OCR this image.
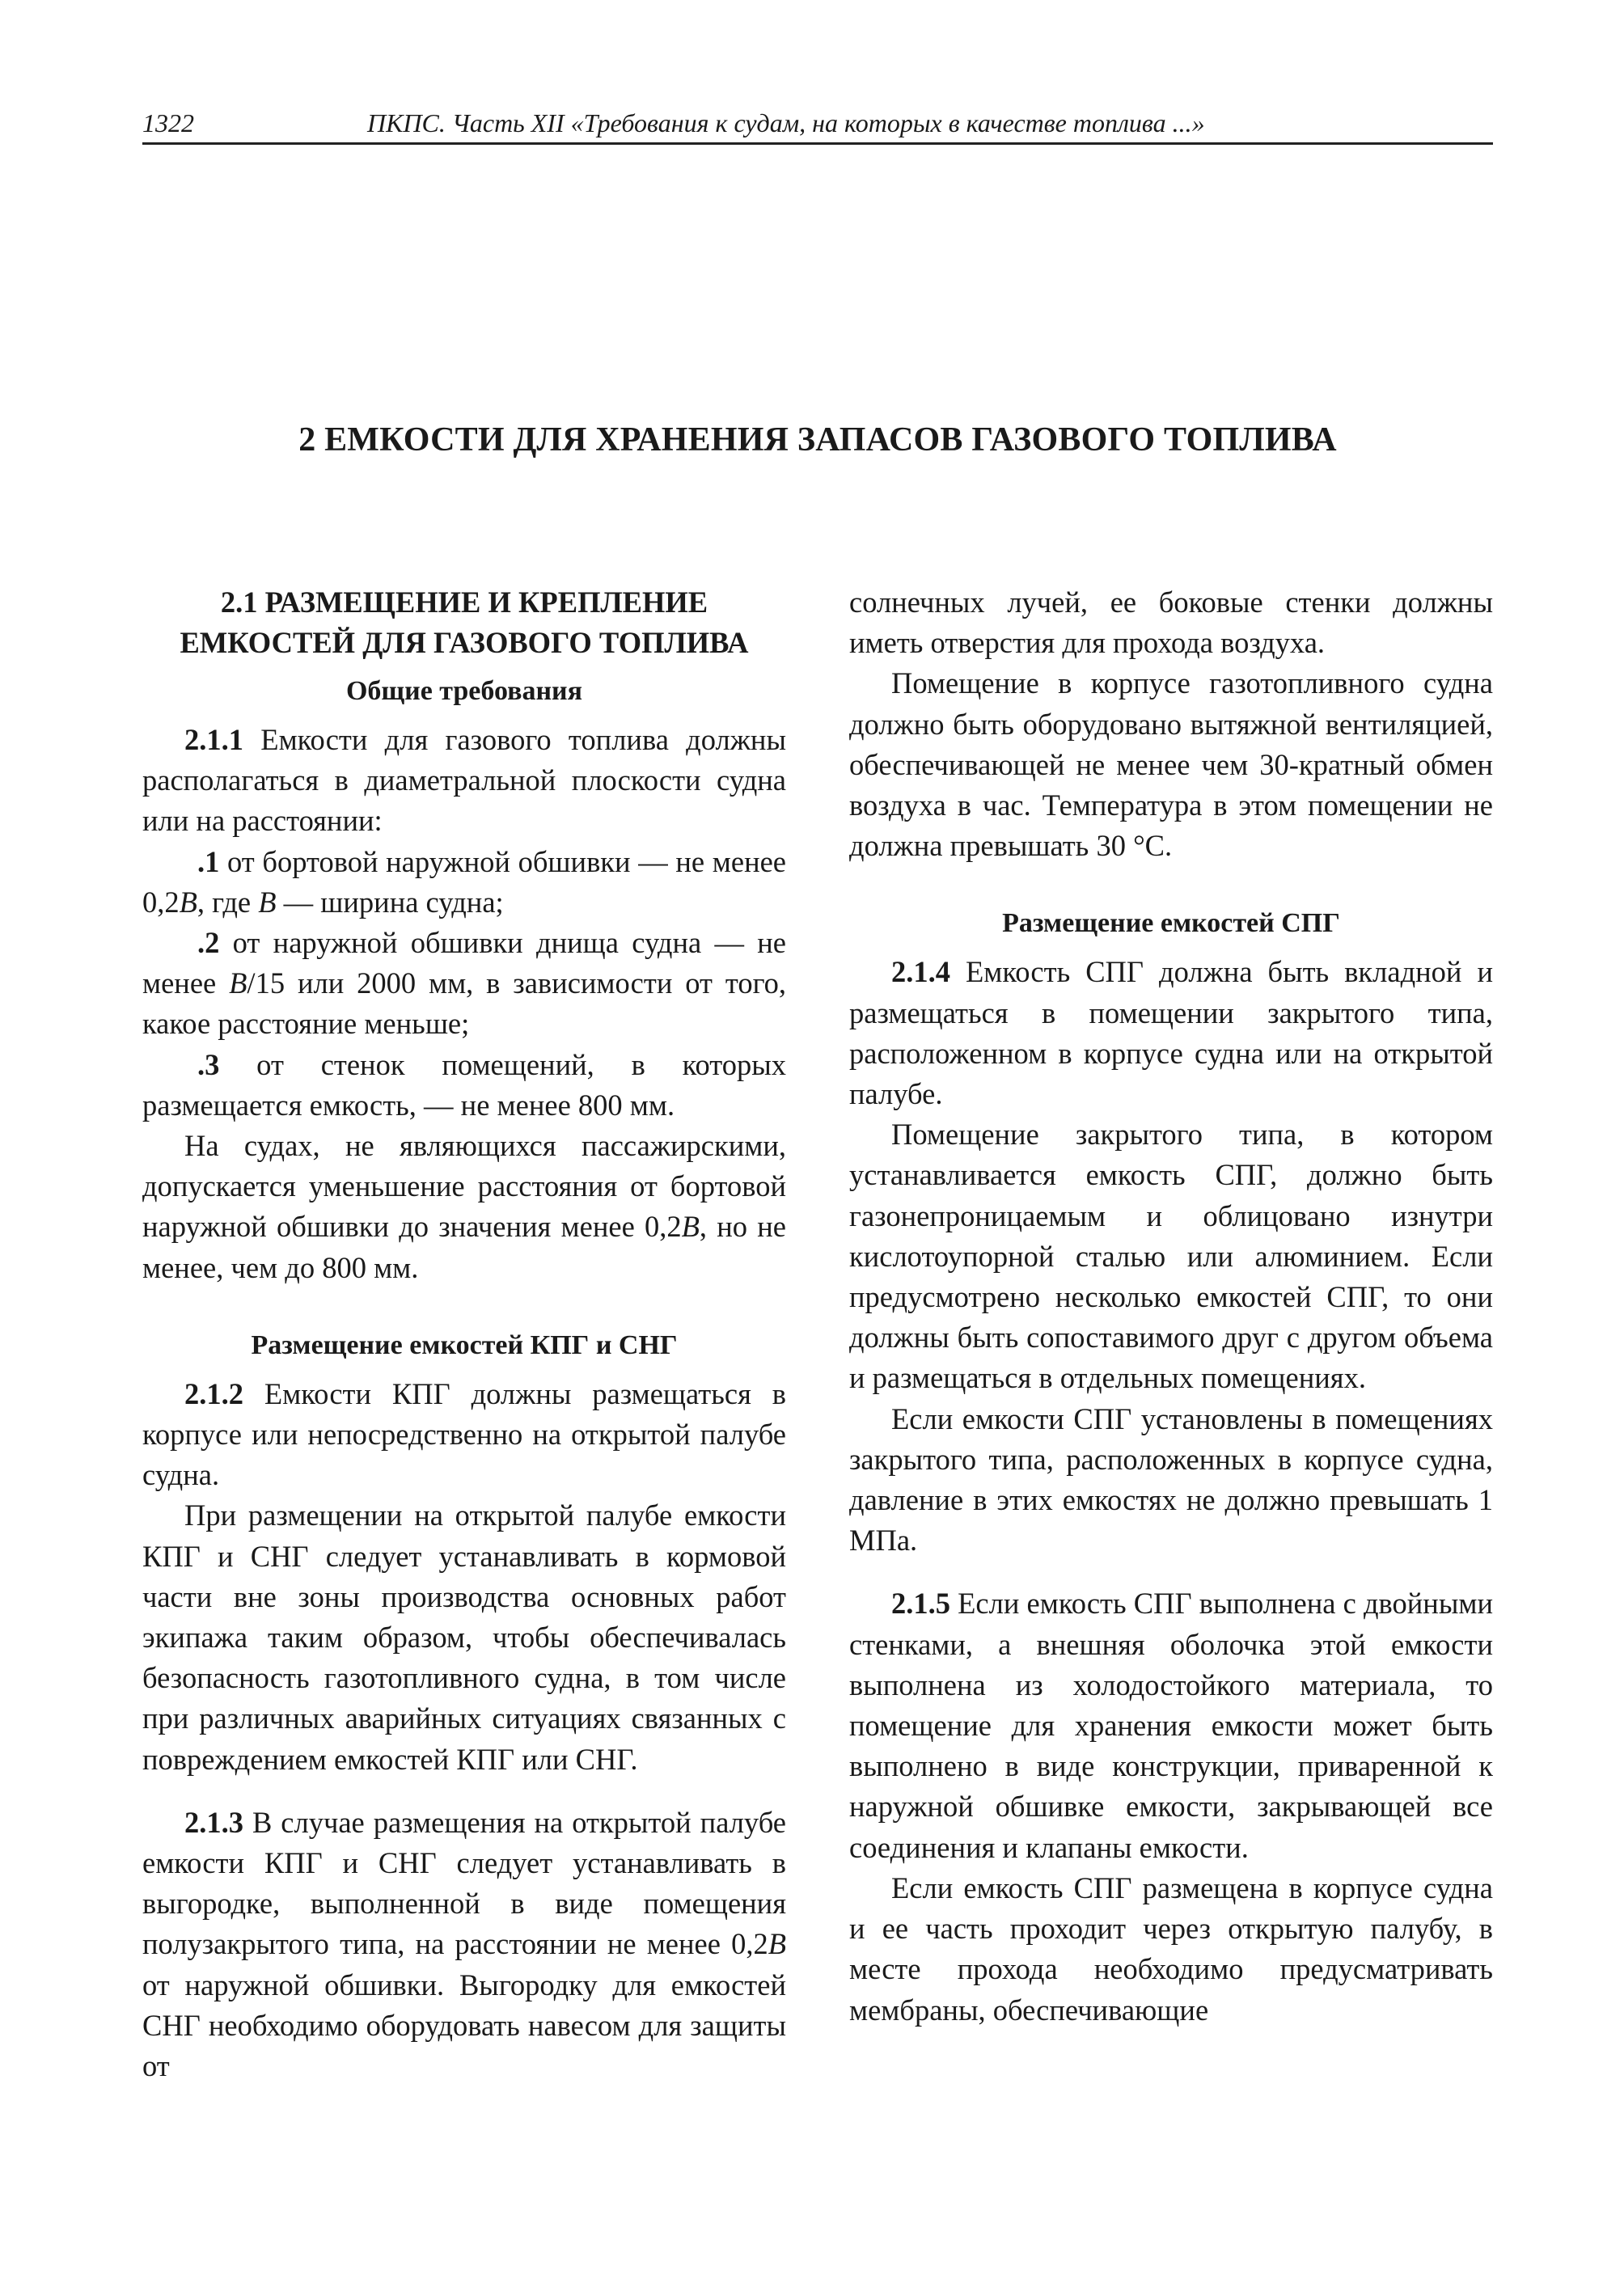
1322	ПКПС. Часть XII «Требования к судам, на которых в качестве топлива ...»
2 ЕМКОСТИ ДЛЯ ХРАНЕНИЯ ЗАПАСОВ ГАЗОВОГО ТОПЛИВА
2.1 РАЗМЕЩЕНИЕ И КРЕПЛЕНИЕ
ЕМКОСТЕЙ ДЛЯ ГАЗОВОГО ТОПЛИВА
Общие требования

2.1.1 Емкости для газового топлива должны располагаться в диаметральной плоскости судна или на расстоянии:

.1 от бортовой наружной обшивки — не менее 0,2B, где B — ширина судна;

.2 от наружной обшивки днища судна — не менее B/15 или 2000 мм, в зависимости от того, какое расстояние меньше;

.3 от стенок помещений, в которых размещается емкость, — не менее 800 мм.

На судах, не являющихся пассажирскими, допускается уменьшение расстояния от бортовой наружной обшивки до значения менее 0,2B, но не менее, чем до 800 мм.

Размещение емкостей КПГ и СНГ

2.1.2 Емкости КПГ должны размещаться в корпусе или непосредственно на открытой палубе судна.

При размещении на открытой палубе емкости КПГ и СНГ следует устанавливать в кормовой части вне зоны производства основных работ экипажа таким образом, чтобы обеспечивалась безопасность газотопливного судна, в том числе при различных аварийных ситуациях связанных с повреждением емкостей КПГ или СНГ.

2.1.3 В случае размещения на открытой палубе емкости КПГ и СНГ следует устанавливать в выгородке, выполненной в виде помещения полузакрытого типа, на расстоянии не менее 0,2B от наружной обшивки. Выгородку для емкостей СНГ необходимо оборудовать навесом для защиты от

солнечных лучей, ее боковые стенки должны иметь отверстия для прохода воздуха.

Помещение в корпусе газотопливного судна должно быть оборудовано вытяжной вентиляцией, обеспечивающей не менее чем 30-кратный обмен воздуха в час. Температура в этом помещении не должна превышать 30 °С.

Размещение емкостей СПГ

2.1.4 Емкость СПГ должна быть вкладной и размещаться в помещении закрытого типа, расположенном в корпусе судна или на открытой палубе.

Помещение закрытого типа, в котором устанавливается емкость СПГ, должно быть газонепроницаемым и облицовано изнутри кислотоупорной сталью или алюминием. Если предусмотрено несколько емкостей СПГ, то они должны быть сопоставимого друг с другом объема и размещаться в отдельных помещениях.

Если емкости СПГ установлены в помещениях закрытого типа, расположенных в корпусе судна, давление в этих емкостях не должно превышать 1 МПа.

2.1.5 Если емкость СПГ выполнена с двойными стенками, а внешняя оболочка этой емкости выполнена из холодостойкого материала, то помещение для хранения емкости может быть выполнено в виде конструкции, приваренной к наружной обшивке емкости, закрывающей все соединения и клапаны емкости.

Если емкость СПГ размещена в корпусе судна и ее часть проходит через открытую палубу, в месте прохода необходимо предусматривать мембраны, обеспечивающие
